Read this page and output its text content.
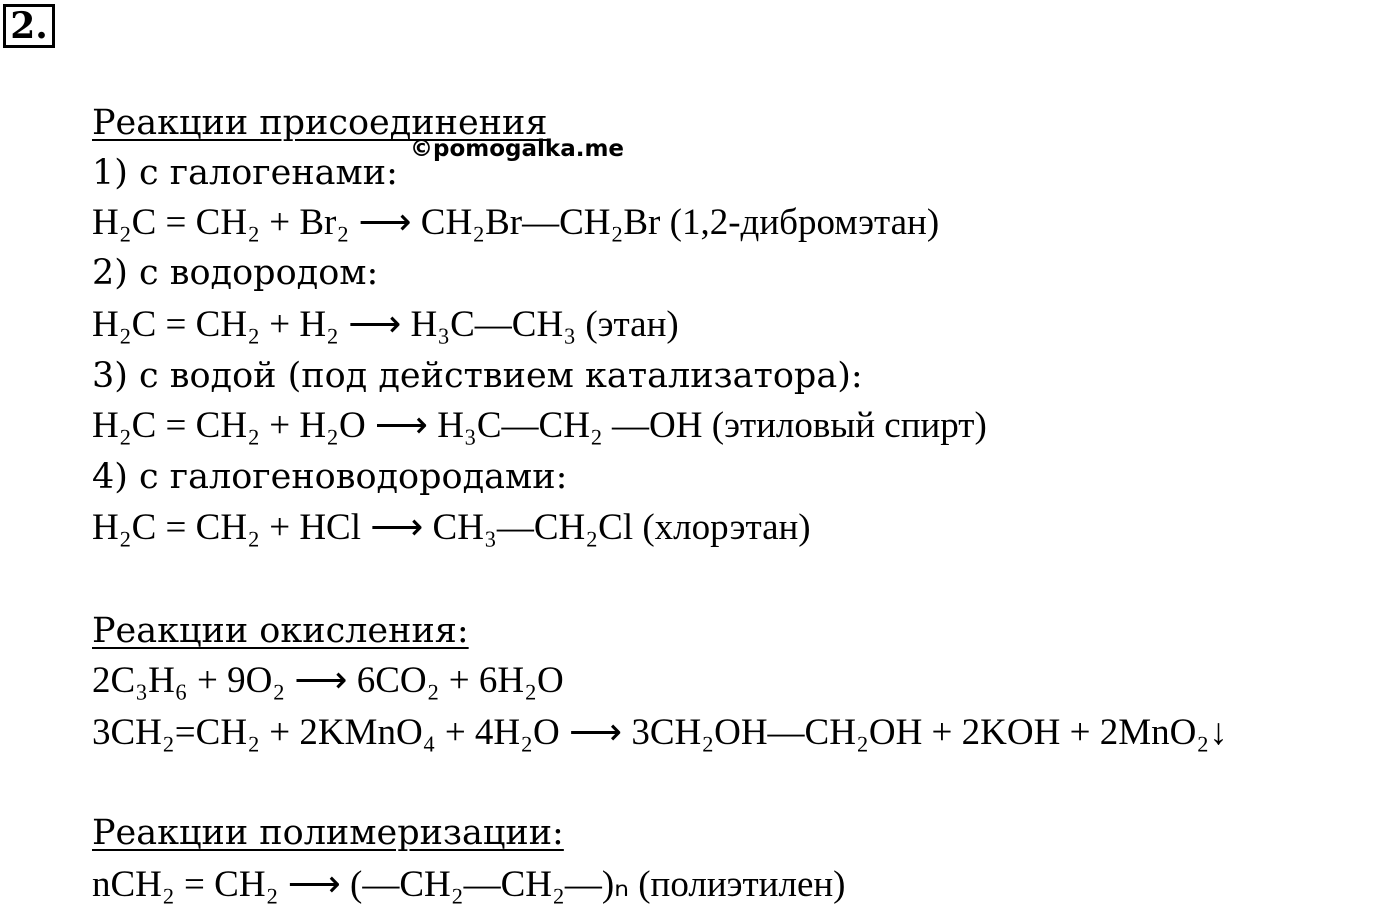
2.
©pomogalka.me
Реакции присоединения
1) с галогенами:
H₂C = CH₂ + Br₂ ⟶ CH₂Br—CH₂Br (1,2-дибромэтан)
2) с водородом:
H₂C = CH₂ + H₂ ⟶ H₃C—CH₃ (этан)
3) с водой (под действием катализатора):
H₂C = CH₂ + H₂O ⟶ H₃C—CH₂ —OH (этиловый спирт)
4) с галогеноводородами:
H₂C = CH₂ + HCl ⟶ CH₃—CH₂Cl (хлорэтан)
Реакции окисления:
2C₃H₆ + 9O₂ ⟶ 6CO₂ + 6H₂O
3CH₂=CH₂ + 2KMnO₄ + 4H₂O ⟶ 3CH₂OH—CH₂OH + 2KOH + 2MnO₂↓
Реакции полимеризации:
nCH₂ = CH₂ ⟶ (—CH₂—CH₂—)ₙ (полиэтилен)
